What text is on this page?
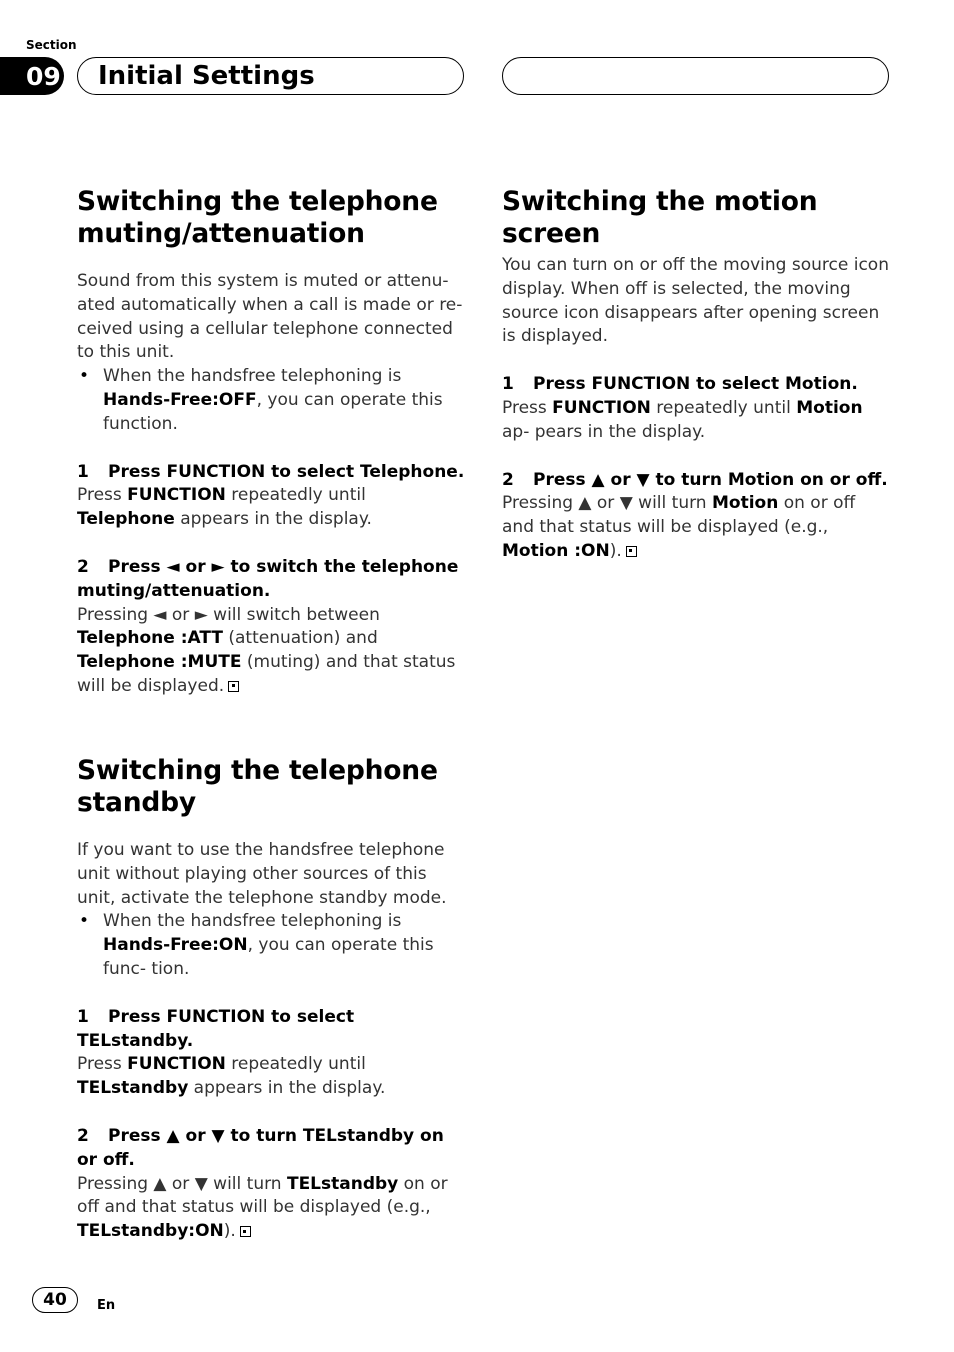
Section
09 Initial Settings
Switching the telephone muting/attenuation

Sound from this system is muted or attenu- ated automatically when a call is made or re- ceived using a cellular telephone connected to this unit.

• When the handsfree telephoning is Hands-Free:OFF, you can operate this function.
1 Press FUNCTION to select Telephone.

Press FUNCTION repeatedly until Telephone appears in the display.

2 Press ◄ or ► to switch the telephone muting/attenuation.

Pressing ◄ or ► will switch between Telephone :ATT (attenuation) and Telephone :MUTE (muting) and that status will be displayed.

Switching the telephone standby

If you want to use the handsfree telephone unit without playing other sources of this unit, activate the telephone standby mode.

• When the handsfree telephoning is Hands-Free:ON, you can operate this func- tion.
1 Press FUNCTION to select TELstandby.

Press FUNCTION repeatedly until TELstandby appears in the display.

2 Press ▲ or ▼ to turn TELstandby on or off.

Pressing ▲ or ▼ will turn TELstandby on or off and that status will be displayed (e.g., TELstandby:ON).

Switching the motion screen

You can turn on or off the moving source icon display. When off is selected, the moving source icon disappears after opening screen is displayed.

1 Press FUNCTION to select Motion.

Press FUNCTION repeatedly until Motion ap- pears in the display.

2 Press ▲ or ▼ to turn Motion on or off.

Pressing ▲ or ▼ will turn Motion on or off and that status will be displayed (e.g., Motion :ON).

40 En
